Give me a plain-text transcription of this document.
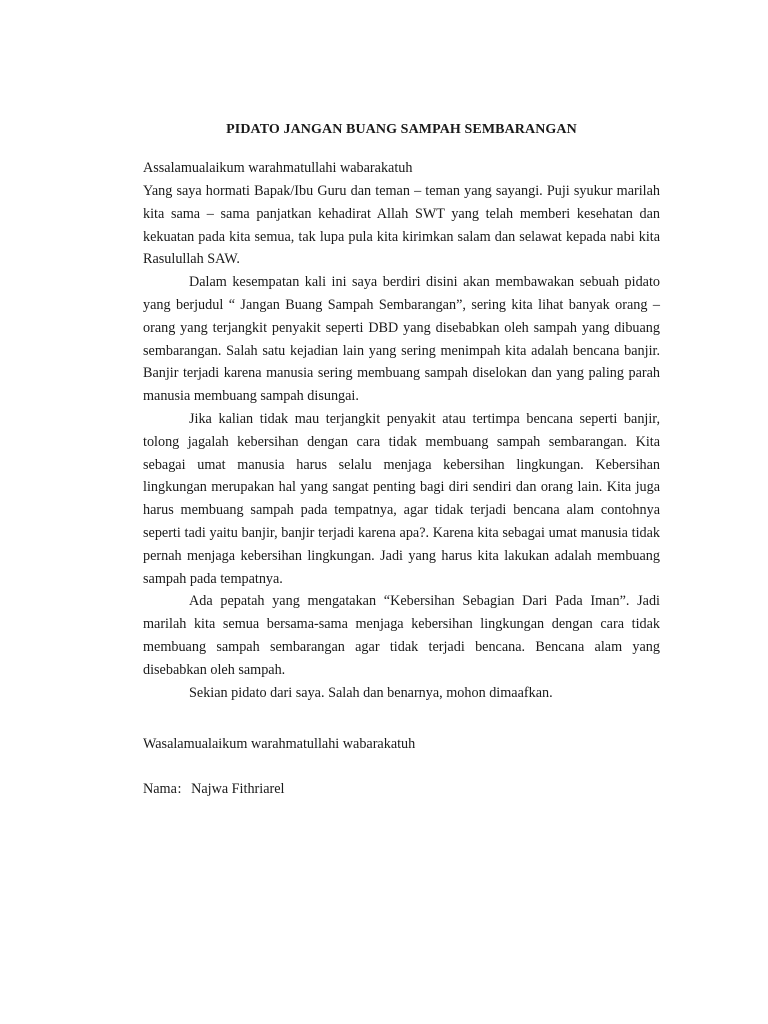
PIDATO JANGAN BUANG SAMPAH SEMBARANGAN
Assalamualaikum warahmatullahi wabarakatuh

Yang saya hormati Bapak/Ibu Guru dan teman – teman yang sayangi. Puji syukur marilah kita sama – sama panjatkan kehadirat Allah SWT yang telah memberi kesehatan dan kekuatan pada kita semua, tak lupa pula kita kirimkan salam dan selawat kepada nabi kita Rasulullah SAW.

Dalam kesempatan kali ini saya berdiri disini akan membawakan sebuah pidato yang berjudul “ Jangan Buang Sampah Sembarangan”, sering kita lihat banyak orang – orang yang terjangkit penyakit seperti DBD yang disebabkan oleh sampah yang dibuang sembarangan. Salah satu kejadian lain yang sering menimpah kita adalah bencana banjir. Banjir terjadi karena manusia sering membuang sampah diselokan dan yang paling parah manusia membuang sampah disungai.

Jika kalian tidak mau terjangkit penyakit atau tertimpa bencana seperti banjir, tolong jagalah kebersihan dengan cara tidak membuang sampah sembarangan. Kita sebagai umat manusia harus selalu menjaga kebersihan lingkungan. Kebersihan lingkungan merupakan hal yang sangat penting bagi diri sendiri dan orang lain. Kita juga harus membuang sampah pada tempatnya, agar tidak terjadi bencana alam contohnya seperti tadi yaitu banjir, banjir terjadi karena apa?. Karena kita sebagai umat manusia tidak pernah menjaga kebersihan lingkungan. Jadi yang harus kita lakukan adalah membuang sampah pada tempatnya.

Ada pepatah yang mengatakan “Kebersihan Sebagian Dari Pada Iman”. Jadi marilah kita semua bersama-sama menjaga kebersihan lingkungan dengan cara tidak membuang sampah sembarangan agar tidak terjadi bencana. Bencana alam yang disebabkan oleh sampah.

Sekian pidato dari saya. Salah dan benarnya, mohon dimaafkan.

Wasalamualaikum warahmatullahi wabarakatuh
Nama : Najwa Fithriarel
